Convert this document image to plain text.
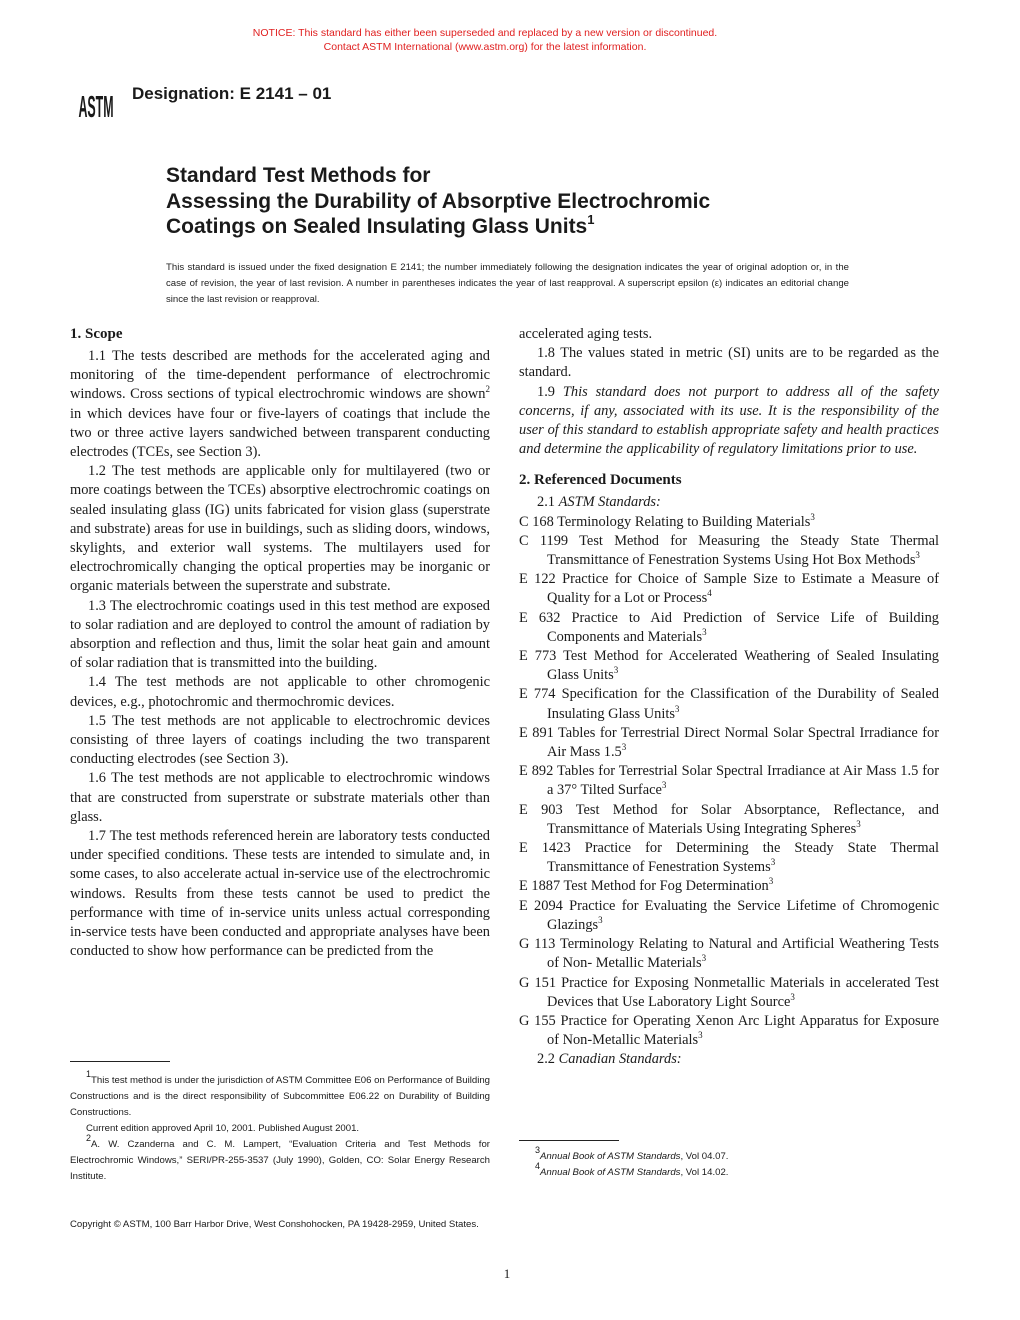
NOTICE: This standard has either been superseded and replaced by a new version or discontinued.
Contact ASTM International (www.astm.org) for the latest information.
ASTM Designation: E 2141 – 01
Standard Test Methods for
Assessing the Durability of Absorptive Electrochromic
Coatings on Sealed Insulating Glass Units$^1$
This standard is issued under the fixed designation E 2141; the number immediately following the designation indicates the year of original adoption or, in the case of revision, the year of last revision. A number in parentheses indicates the year of last reapproval. A superscript epsilon (ε) indicates an editorial change since the last revision or reapproval.
1. Scope

1.1 The tests described are methods for the accelerated aging and monitoring of the time-dependent performance of electrochromic windows. Cross sections of typical electrochromic windows are shown$^2$ in which devices have four or five-layers of coatings that include the two or three active layers sandwiched between transparent conducting electrodes (TCEs, see Section 3).

1.2 The test methods are applicable only for multilayered (two or more coatings between the TCEs) absorptive electrochromic coatings on sealed insulating glass (IG) units fabricated for vision glass (superstrate and substrate) areas for use in buildings, such as sliding doors, windows, skylights, and exterior wall systems. The multilayers used for electrochromically changing the optical properties may be inorganic or organic materials between the superstrate and substrate.

1.3 The electrochromic coatings used in this test method are exposed to solar radiation and are deployed to control the amount of radiation by absorption and reflection and thus, limit the solar heat gain and amount of solar radiation that is transmitted into the building.

1.4 The test methods are not applicable to other chromogenic devices, e.g., photochromic and thermochromic devices.

1.5 The test methods are not applicable to electrochromic devices consisting of three layers of coatings including the two transparent conducting electrodes (see Section 3).

1.6 The test methods are not applicable to electrochromic windows that are constructed from superstrate or substrate materials other than glass.

1.7 The test methods referenced herein are laboratory tests conducted under specified conditions. These tests are intended to simulate and, in some cases, to also accelerate actual in-service use of the electrochromic windows. Results from these tests cannot be used to predict the performance with time of in-service units unless actual corresponding in-service tests have been conducted and appropriate analyses have been conducted to show how performance can be predicted from the

accelerated aging tests.

1.8 The values stated in metric (SI) units are to be regarded as the standard.

1.9 This standard does not purport to address all of the safety concerns, if any, associated with its use. It is the responsibility of the user of this standard to establish appropriate safety and health practices and determine the applicability of regulatory limitations prior to use.

2. Referenced Documents

2.1 ASTM Standards:

C 168 Terminology Relating to Building Materials$^3$

C 1199 Test Method for Measuring the Steady State Thermal Transmittance of Fenestration Systems Using Hot Box Methods$^3$

E 122 Practice for Choice of Sample Size to Estimate a Measure of Quality for a Lot or Process$^4$

E 632 Practice to Aid Prediction of Service Life of Building Components and Materials$^3$

E 773 Test Method for Accelerated Weathering of Sealed Insulating Glass Units$^3$

E 774 Specification for the Classification of the Durability of Sealed Insulating Glass Units$^3$

E 891 Tables for Terrestrial Direct Normal Solar Spectral Irradiance for Air Mass 1.5$^3$

E 892 Tables for Terrestrial Solar Spectral Irradiance at Air Mass 1.5 for a 37° Tilted Surface$^3$

E 903 Test Method for Solar Absorptance, Reflectance, and Transmittance of Materials Using Integrating Spheres$^3$

E 1423 Practice for Determining the Steady State Thermal Transmittance of Fenestration Systems$^3$

E 1887 Test Method for Fog Determination$^3$

E 2094 Practice for Evaluating the Service Lifetime of Chromogenic Glazings$^3$

G 113 Terminology Relating to Natural and Artificial Weathering Tests of Non- Metallic Materials$^3$

G 151 Practice for Exposing Nonmetallic Materials in accelerated Test Devices that Use Laboratory Light Source$^3$

G 155 Practice for Operating Xenon Arc Light Apparatus for Exposure of Non-Metallic Materials$^3$

2.2 Canadian Standards:

$^1$This test method is under the jurisdiction of ASTM Committee E06 on Performance of Building Constructions and is the direct responsibility of Subcommittee E06.22 on Durability of Building Constructions.

Current edition approved April 10, 2001. Published August 2001.

$^2$A. W. Czanderna and C. M. Lampert, “Evaluation Criteria and Test Methods for Electrochromic Windows,” SERI/PR-255-3537 (July 1990), Golden, CO: Solar Energy Research Institute.

$^3$Annual Book of ASTM Standards, Vol 04.07.

$^4$Annual Book of ASTM Standards, Vol 14.02.

Copyright © ASTM, 100 Barr Harbor Drive, West Conshohocken, PA 19428-2959, United States.
1
